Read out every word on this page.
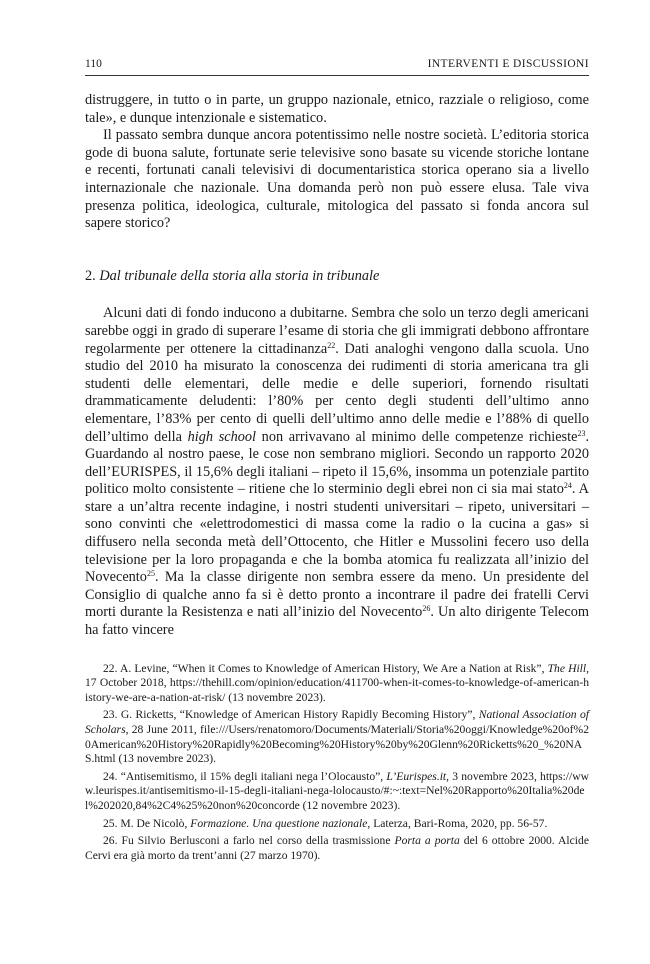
110	INTERVENTI E DISCUSSIONI

distruggere, in tutto o in parte, un gruppo nazionale, etnico, razziale o religioso, come tale», e dunque intenzionale e sistematico.

Il passato sembra dunque ancora potentissimo nelle nostre società. L’editoria storica gode di buona salute, fortunate serie televisive sono basate su vicende storiche lontane e recenti, fortunati canali televisivi di documentaristica storica operano sia a livello internazionale che nazionale. Una domanda però non può essere elusa. Tale viva presenza politica, ideologica, culturale, mitologica del passato si fonda ancora sul sapere storico?

2. Dal tribunale della storia alla storia in tribunale

Alcuni dati di fondo inducono a dubitarne. Sembra che solo un terzo degli americani sarebbe oggi in grado di superare l’esame di storia che gli immigrati debbono affrontare regolarmente per ottenere la cittadinanza$^{22}$. Dati analoghi vengono dalla scuola. Uno studio del 2010 ha misurato la conoscenza dei rudimenti di storia americana tra gli studenti delle elementari, delle medie e delle superiori, fornendo risultati drammaticamente deludenti: l’80% per cento degli studenti dell’ultimo anno elementare, l’83% per cento di quelli dell’ultimo anno delle medie e l’88% di quello dell’ultimo della high school non arrivavano al minimo delle competenze richieste$^{23}$. Guardando al nostro paese, le cose non sembrano migliori. Secondo un rapporto 2020 dell’EURISPES, il 15,6% degli italiani – ripeto il 15,6%, insomma un potenziale partito politico molto consistente – ritiene che lo sterminio degli ebrei non ci sia mai stato$^{24}$. A stare a un’altra recente indagine, i nostri studenti universitari – ripeto, universitari – sono convinti che «elettrodomestici di massa come la radio o la cucina a gas» si diffusero nella seconda metà dell’Ottocento, che Hitler e Mussolini fecero uso della televisione per la loro propaganda e che la bomba atomica fu realizzata all’inizio del Novecento$^{25}$. Ma la classe dirigente non sembra essere da meno. Un presidente del Consiglio di qualche anno fa si è detto pronto a incontrare il padre dei fratelli Cervi morti durante la Resistenza e nati all’inizio del Novecento$^{26}$. Un alto dirigente Telecom ha fatto vincere

22. A. Levine, “When it Comes to Knowledge of American History, We Are a Nation at Risk”, The Hill, 17 October 2018, https://thehill.com/opinion/education/411700-when-it-comes-to-knowledge-of-american-history-we-are-a-nation-at-risk/ (13 novembre 2023).

23. G. Ricketts, “Knowledge of American History Rapidly Becoming History”, National Association of Scholars, 28 June 2011, file:///Users/renatomoro/Documents/Materiali/Storia%20oggi/Knowledge%20of%20American%20History%20Rapidly%20Becoming%20History%20by%20Glenn%20Ricketts%20_%20NAS.html (13 novembre 2023).

24. “Antisemitismo, il 15% degli italiani nega l’Olocausto”, L’Eurispes.it, 3 novembre 2023, https://www.leurispes.it/antisemitismo-il-15-degli-italiani-nega-lolocausto/#:~:text=Nel%20Rapporto%20Italia%20del%202020,84%2C4%25%20non%20concorde (12 novembre 2023).

25. M. De Nicolò, Formazione. Una questione nazionale, Laterza, Bari-Roma, 2020, pp. 56-57.

26. Fu Silvio Berlusconi a farlo nel corso della trasmissione Porta a porta del 6 ottobre 2000. Alcide Cervi era già morto da trent’anni (27 marzo 1970).
